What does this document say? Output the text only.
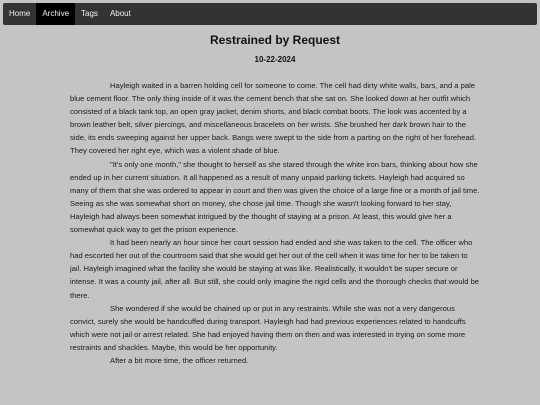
Home	Archive	Tags	About
Restrained by Request
10-22-2024

Hayleigh waited in a barren holding cell for someone to come. The cell had dirty white walls, bars, and a pale blue cement floor. The only thing inside of it was the cement bench that she sat on. She looked down at her outfit which consisted of a black tank top, an open gray jacket, denim shorts, and black combat boots. The look was accented by a brown leather belt, silver piercings, and miscellaneous bracelets on her wrists. She brushed her dark brown hair to the side, its ends sweeping against her upper back. Bangs were swept to the side from a parting on the right of her forehead. They covered her right eye, which was a violent shade of blue.

"It's only one month," she thought to herself as she stared through the white iron bars, thinking about how she ended up in her current situation. It all happened as a result of many unpaid parking tickets. Hayleigh had acquired so many of them that she was ordered to appear in court and then was given the choice of a large fine or a month of jail time. Seeing as she was somewhat short on money, she chose jail time. Though she wasn't looking forward to her stay, Hayleigh had always been somewhat intrigued by the thought of staying at a prison. At least, this would give her a somewhat quick way to get the prison experience.

It had been nearly an hour since her court session had ended and she was taken to the cell. The officer who had escorted her out of the courtroom said that she would get her out of the cell when it was time for her to be taken to jail. Hayleigh imagined what the facility she would be staying at was like. Realistically, it wouldn't be super secure or intense. It was a county jail, after all. But still, she could only imagine the rigid cells and the thorough checks that would be there.

She wondered if she would be chained up or put in any restraints. While she was not a very dangerous convict, surely she would be handcuffed during transport. Hayleigh had had previous experiences related to handcuffs which were not jail or arrest related. She had enjoyed having them on then and was interested in trying on some more restraints and shackles. Maybe, this would be her opportunity.

After a bit more time, the officer returned.
